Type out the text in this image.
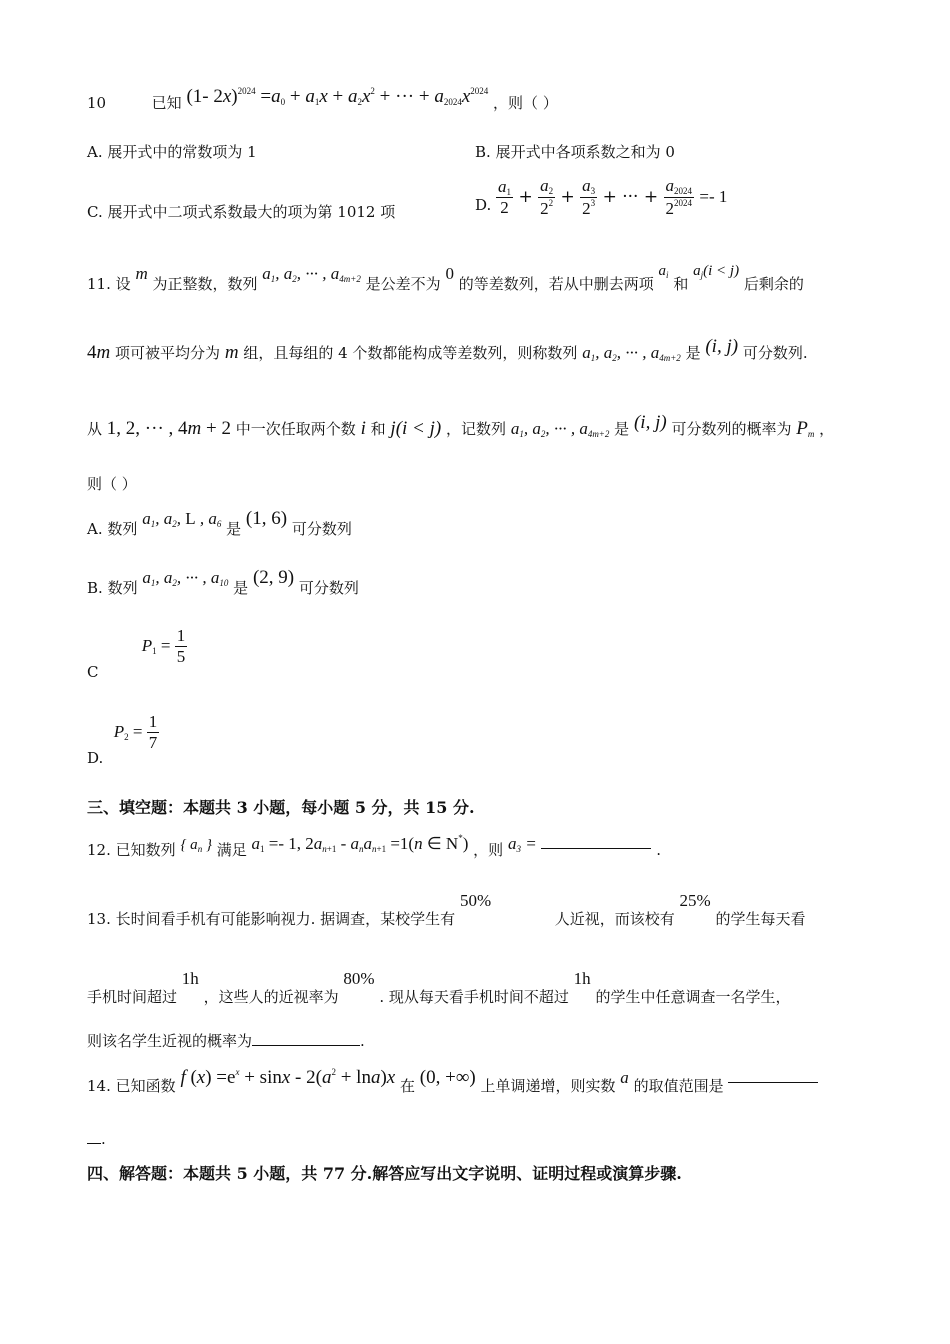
10	已知 (1- $2x)^{2024} =a_0 + a_1x + a_2x^2$ + ··· + $a_{2024}x^{2024}$ ，则（ ）
A. 展开式中的常数项为 1	B. 展开式中各项系数之和为 0
C. 展开式中二项式系数最大的项为第 1012 项	D. $\frac{a_1}{2} + \frac{a_2}{2^2} + \frac{a_3}{2^3}$ + ··· + $\frac{a_{2024}}{2^{2024}} =- 1$
11. 设 m 为正整数，数列 $a_1$, $a_2$, ··· , $a_{4m+2}$ 是公差不为 0 的等差数列，若从中删去两项 $a_i$ 和 $a_j(i < j)$ 后剩余的
4m 项可被平均分为 m 组，且每组的 4 个数都能构成等差数列，则称数列 $a_1$, $a_2$, ··· , $a_{4m+2}$ 是 (i, j) 可分数列.
从 1, 2, ··· , 4m + 2 中一次任取两个数 i 和 j(i < j) ，记数列 $a_1$, $a_2$, ··· , $a_{4m+2}$ 是 (i, j) 可分数列的概率为 $P_m$ ，
则（ ）
A. 数列 $a_1$, $a_2$, L , $a_6$ 是 (1, 6) 可分数列
B. 数列 $a_1$, $a_2$, ··· , $a_{10}$ 是 (2, 9) 可分数列
C $P_1 = \frac{1}{5}$
D. $P_2 = \frac{1}{7}$
三、填空题：本题共 3 小题，每小题 5 分，共 15 分.
12. 已知数列 { $a_n$ } 满足 $a_1 =- 1$, $2a_{n+1} - a_na_{n+1} =1(n$ ∈ N*) ，则 $a_3$ =	.
13. 长时间看手机有可能影响视力. 据调查，某校学生有 50% 人近视，而该校有 25% 的学生每天看
手机时间超过 1h ，这些人的近视率为 80% . 现从每天看手机时间不超过 1h 的学生中任意调查一名学生，
则该名学生近视的概率为	.
14. 已知函数 f $(x) =e^x + \sin x - 2(a^2 + \ln a)x$ 在 (0, +∞) 上单调递增，则实数 a 的取值范围是
.
四、解答题：本题共 5 小题，共 77 分.解答应写出文字说明、证明过程或演算步骤.
